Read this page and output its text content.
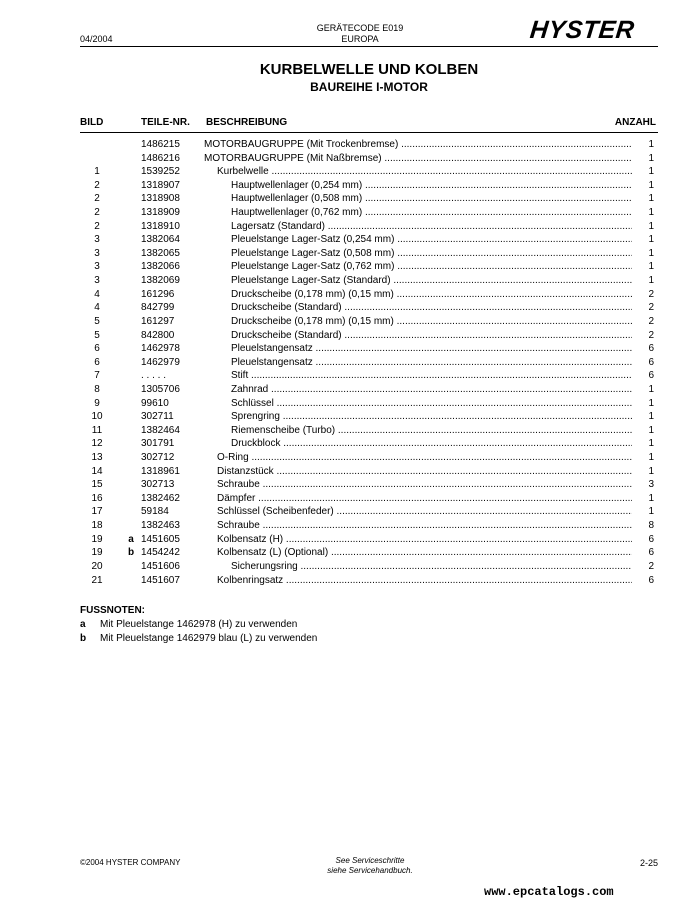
04/2004
GERÄTECODE E019
EUROPA	HYSTER
KURBELWELLE UND KOLBEN
BAUREIHE I-MOTOR
BILD	TEILE-NR. BESCHREIBUNG	ANZAHL
1486215 MOTORBAUGRUPPE (Mit Trockenbremse) .....	1
1486216 MOTORBAUGRUPPE (Mit Naßbremse) .....	1
1	1539252	Kurbelwelle .....	1
2	1318907	Hauptwellenlager (0,254 mm) .....	1
2	1318908	Hauptwellenlager (0,508 mm) .....	1
2	1318909	Hauptwellenlager (0,762 mm) .....	1
2	1318910	Lagersatz (Standard) .....	1
3	1382064	Pleuelstange Lager-Satz (0,254 mm) .....	1
3	1382065	Pleuelstange Lager-Satz (0,508 mm) .....	1
3	1382066	Pleuelstange Lager-Satz (0,762 mm) .....	1
3	1382069	Pleuelstange Lager-Satz (Standard) .....	1
4	161296	Druckscheibe (0,178 mm) (0,15 mm) .....	2
4	842799	Druckscheibe (Standard) .....	2
5	161297	Druckscheibe (0,178 mm) (0,15 mm) .....	2
5	842800	Druckscheibe (Standard) .....	2
6	1462978	Pleuelstangensatz .....	6
6	1462979	Pleuelstangensatz .....	6
7	. . . . .	Stift .....	6
8	1305706	Zahnrad .....	1
9	99610	Schlüssel .....	1
10	302711	Sprengring .....	1
11	1382464	Riemenscheibe (Turbo) .....	1
12	301791	Druckblock .....	1
13	302712	O-Ring .....	1
14	1318961	Distanzstück .....	1
15	302713	Schraube .....	3
16	1382462	Dämpfer .....	1
17	59184	Schlüssel (Scheibenfeder) .....	1
18	1382463	Schraube .....	8
19	a 1451605	Kolbensatz (H) .....	6
19	b 1454242	Kolbensatz (L) (Optional) .....	6
20	1451606	Sicherungsring .....	2
21	1451607	Kolbenringsatz .....	6
FUSSNOTEN:
a Mit Pleuelstange 1462978 (H) zu verwenden
b Mit Pleuelstange 1462979 blau (L) zu verwenden
©2004 HYSTER COMPANY	See Serviceschritte
siehe Servicehandbuch.
2-25
www.epcatalogs.com
